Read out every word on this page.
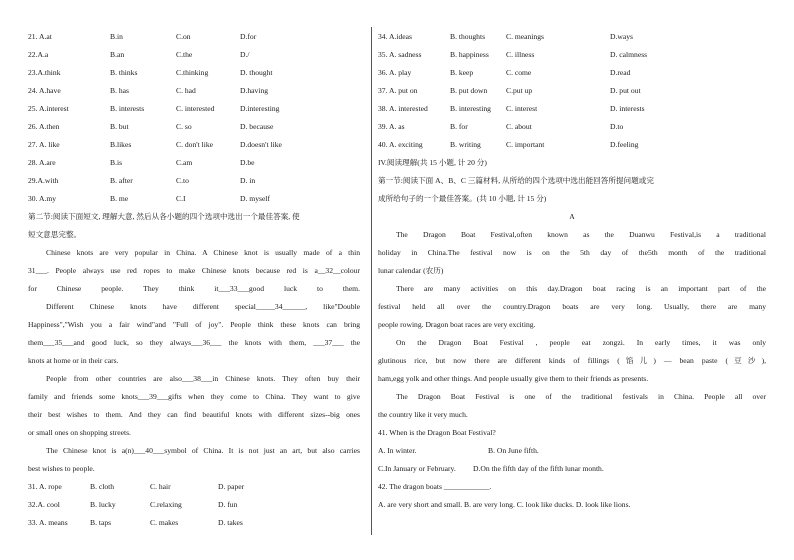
21. A.at	B.in	C.on	D.for
22.A.a	B.an	C.the	D./
23.A.think	B. thinks	C.thinking	D. thought
24. A.have	B. has	C. had	D.having
25. A.interest	B. interests	C. interested	D.interesting
26. A.then	B. but	C. so	D. because
27. A. like	B.likes	C. don't like	D.doesn't like
28. A.are	B.is	C.am	D.be
29.A.with	B. after	C.to	D. in
30. A.my	B. me	C.I	D. myself
第二节:阅读下面短文, 理解大意, 然后从各小题的四个选项中选出一个最佳答案, 使
短文意思完整。
Chinese knots are very popular in China. A Chinese knot is usually made of a thin
31___. People always use red ropes to make Chinese knots because red is a__32__colour
for Chinese people. They think it___33___good luck to them.
Different Chinese knots have different special_____34______, like"Double
Happiness","Wish you a fair wind"and "Full of joy". People think these knots can bring
them___35___and good luck, so they always___36___ the knots with them, ___37___ the
knots at home or in their cars.
People from other countries are also___38___in Chinese knots. They often buy their
family and friends some knots___39___gifts when they come to China. They want to give
their best wishes to them. And they can find beautiful knots with different sizes--big ones
or small ones on shopping streets.
The Chinese knot is a(n)___40___symbol of China. It is not just an art, but also carries
best wishes to people.
31. A. rope	B. cloth	C. hair	D. paper
32.A. cool	B. lucky	C.relaxing	D. fun
33. A. means	B. taps	C. makes	D. takes
34. A.ideas	B. thoughts	C. meanings	D.ways
35. A. sadness	B. happiness C. illness	D. calmness
36. A. play	B. keep	C. come	D.read
37. A. put on	B. put down C.put up	D. put out
38. A. interested	B. interesting C. interest	D. interests
39. A. as	B. for	C. about	D.to
40. A. exciting	B. writing	C. important	D.feeling
IV.阅读理解(共 15 小题, 计 20 分)
第一节:阅读下面 A、B、C 三篇材料, 从所给的四个选项中选出能回答所提问题或完
成所给句子的一个最佳答案。(共 10 小题, 计 15 分)
A
The Dragon Boat Festival,often known as the Duanwu Festival,is a traditional
holiday in China.The festival now is on the 5th day of the5th month of the traditional
lunar calendar (农历)
There are many activities on this day.Dragon boat racing is an important part of the
festival held all over the country.Dragon boats are very long. Usually, there are many
people rowing. Dragon boat races are very exciting.
On the Dragon Boat Festival , people eat zongzi. In early times, it was only
glutinous rice, but now there are different kinds of fillings (馅儿) — bean paste (豆沙),
ham,egg yolk and other things. And people usually give them to their friends as presents.
The Dragon Boat Festival is one of the traditional festivals in China. People all over
the country like it very much.
41. When is the Dragon Boat Festival?
A. In winter.	B. On June fifth.
C.In January or February. D.On the fifth day of the fifth lunar month.
42. The dragon boats ____________.
A. are very short and small. B. are very long. C. look like ducks. D. look like lions.
